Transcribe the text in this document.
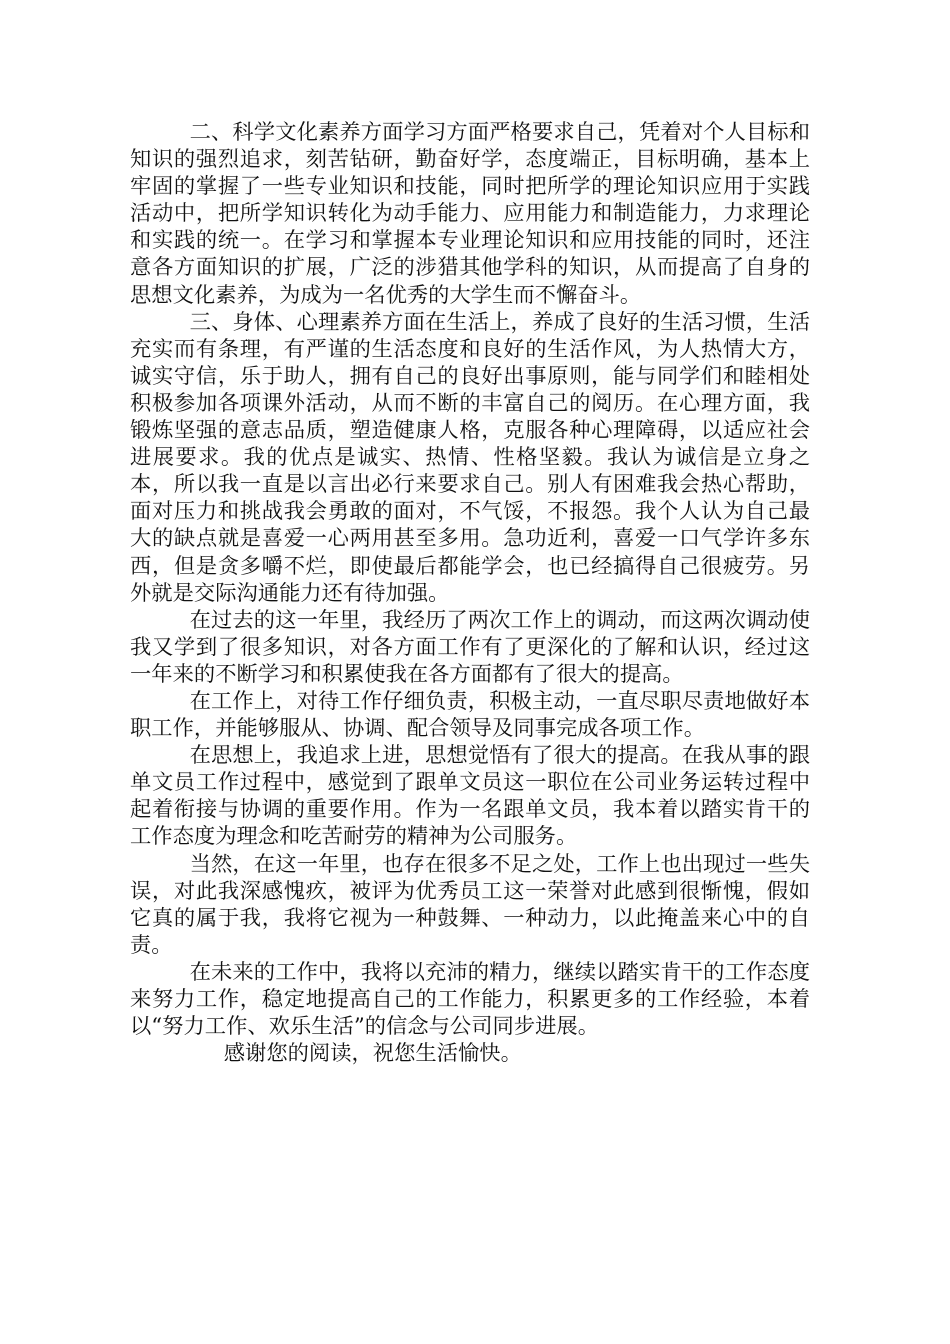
二、科学文化素养方面学习方面严格要求自己，凭着对个人目标和知识的强烈追求，刻苦钻研，勤奋好学，态度端正，目标明确，基本上牢固的掌握了一些专业知识和技能，同时把所学的理论知识应用于实践活动中，把所学知识转化为动手能力、应用能力和制造能力，力求理论和实践的统一。在学习和掌握本专业理论知识和应用技能的同时，还注意各方面知识的扩展，广泛的涉猎其他学科的知识，从而提高了自身的思想文化素养，为成为一名优秀的大学生而不懈奋斗。

三、身体、心理素养方面在生活上，养成了良好的生活习惯，生活充实而有条理，有严谨的生活态度和良好的生活作风，为人热情大方，诚实守信，乐于助人，拥有自己的良好出事原则，能与同学们和睦相处积极参加各项课外活动，从而不断的丰富自己的阅历。在心理方面，我锻炼坚强的意志品质，塑造健康人格，克服各种心理障碍，以适应社会进展要求。我的优点是诚实、热情、性格坚毅。我认为诚信是立身之本，所以我一直是以言出必行来要求自己。别人有困难我会热心帮助，面对压力和挑战我会勇敢的面对，不气馁，不报怨。我个人认为自己最大的缺点就是喜爱一心两用甚至多用。急功近利，喜爱一口气学许多东西，但是贪多嚼不烂，即使最后都能学会，也已经搞得自己很疲劳。另外就是交际沟通能力还有待加强。

在过去的这一年里，我经历了两次工作上的调动，而这两次调动使我又学到了很多知识，对各方面工作有了更深化的了解和认识，经过这一年来的不断学习和积累使我在各方面都有了很大的提高。

在工作上，对待工作仔细负责，积极主动，一直尽职尽责地做好本职工作，并能够服从、协调、配合领导及同事完成各项工作。

在思想上，我追求上进，思想觉悟有了很大的提高。在我从事的跟单文员工作过程中，感觉到了跟单文员这一职位在公司业务运转过程中起着衔接与协调的重要作用。作为一名跟单文员，我本着以踏实肯干的工作态度为理念和吃苦耐劳的精神为公司服务。

当然，在这一年里，也存在很多不足之处，工作上也出现过一些失误，对此我深感愧疚，被评为优秀员工这一荣誉对此感到很惭愧，假如它真的属于我，我将它视为一种鼓舞、一种动力，以此掩盖来心中的自责。

在未来的工作中，我将以充沛的精力，继续以踏实肯干的工作态度来努力工作，稳定地提高自己的工作能力，积累更多的工作经验，本着以“努力工作、欢乐生活”的信念与公司同步进展。

感谢您的阅读，祝您生活愉快。
